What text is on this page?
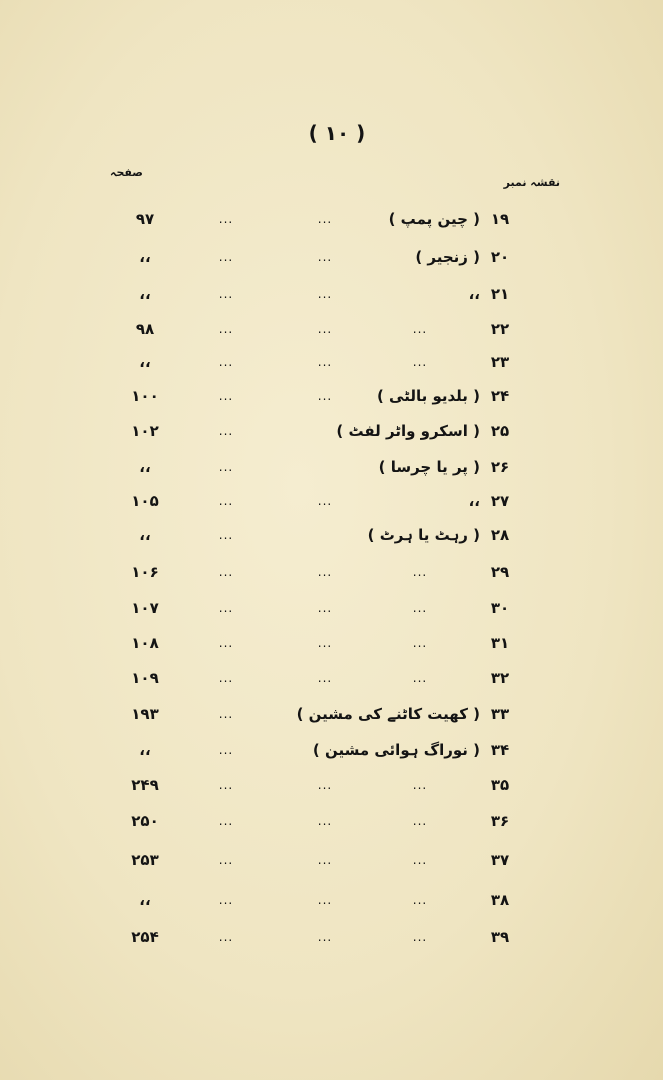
( ۱۰ )
صفحہ
نقشہ نمبر
۱۹
( چین پمپ )
...
...
۹۷
۲۰
( زنجیر )
...
...
،،
۲۱
،،
...
...
،،
۲۲
...
...
...
۹۸
۲۳
...
...
...
،،
۲۴
( بلدیو بالٹی )
...
...
۱۰۰
۲۵
( اسکرو واٹر لفٹ )
...
۱۰۲
۲۶
( پر یا چرسا )
...
،،
۲۷
،،
...
...
۱۰۵
۲۸
( رہٹ یا ہرٹ )
...
،،
۲۹
...
...
...
۱۰۶
۳۰
...
...
...
۱۰۷
۳۱
...
...
...
۱۰۸
۳۲
...
...
...
۱۰۹
۳۳
( کھیت کاٹنے کی مشین )
...
۱۹۳
۳۴
( نوراگ ہوائی مشین )
...
،،
۳۵
...
...
...
۲۴۹
۳۶
...
...
...
۲۵۰
۳۷
...
...
...
۲۵۳
۳۸
...
...
...
،،
۳۹
...
...
...
۲۵۴
